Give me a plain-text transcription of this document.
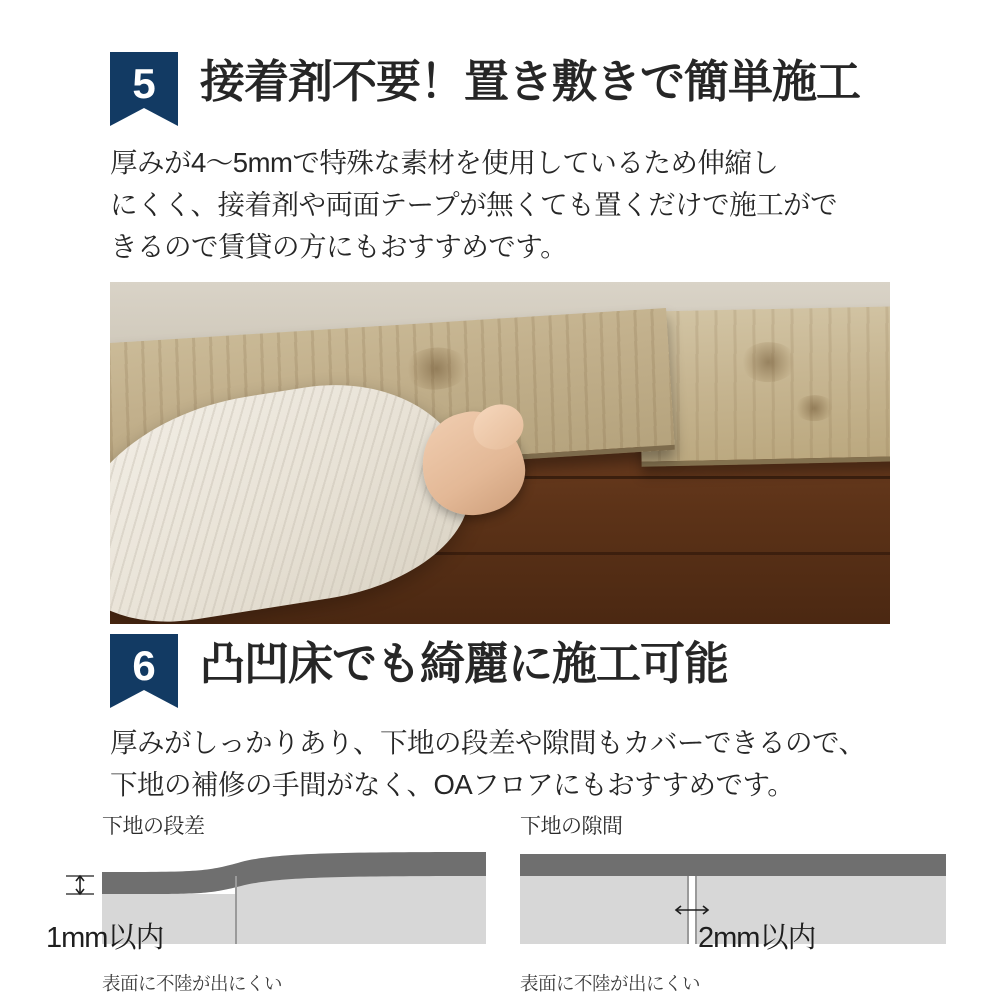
5 接着剤不要！置き敷きで簡単施工
厚みが4〜5mmで特殊な素材を使用しているため伸縮し
にくく、接着剤や両面テープが無くても置くだけで施工がで
きるので賃貸の方にもおすすめです。
6 凸凹床でも綺麗に施工可能
厚みがしっかりあり、下地の段差や隙間もカバーできるので、
下地の補修の手間がなく、OAフロアにもおすすめです。
下地の段差
1mm以内
表面に不陸が出にくい
下地の隙間
2mm以内
表面に不陸が出にくい
